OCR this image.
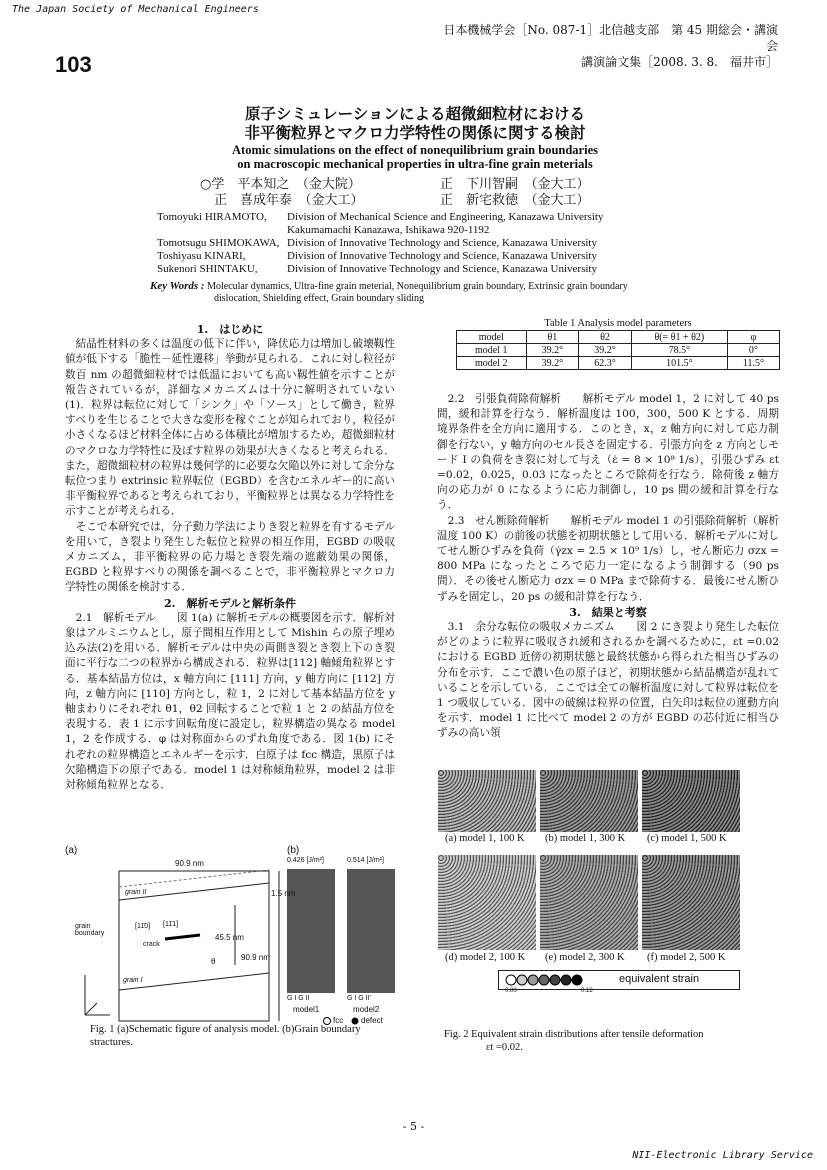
The Japan Society of Mechanical Engineers
日本機械学会［No. 087-1］北信越支部　第 45 期総会・講演会
講演論文集［2008. 3. 8.　福井市］
103
原子シミュレーションによる超微細粒材における
非平衡粒界とマクロ力学特性の関係に関する検討
Atomic simulations on the effect of nonequilibrium grain boundaries
on macroscopic mechanical properties in ultra-fine grain meterials
○学　平本知之　（金大院）	正　下川智嗣　（金大工）
正　喜成年泰　（金大工）	正　新宅救徳　（金大工）
Tomoyuki HIRAMOTO,	Division of Mechanical Science and Engineering, Kanazawa University
Kakumamachi Kanazawa, Ishikawa 920-1192
Tomotsugu SHIMOKAWA, Division of Innovative Technology and Science, Kanazawa University
Toshiyasu KINARI,	Division of Innovative Technology and Science, Kanazawa University
Sukenori SHINTAKU,	Division of Innovative Technology and Science, Kanazawa University
Key Words : Molecular dynamics, Ultra-fine grain meterial, Nonequilibrium grain boundary, Extrinsic grain boundary
dislocation, Shielding effect, Grain boundary sliding
1.　はじめに
結晶性材料の多くは温度の低下に伴い，降伏応力は増加し破壊靱性値が低下する「脆性－延性遷移」挙動が見られる．これに対し粒径が数百 nm の超微細粒材では低温においても高い靱性値を示すことが報告されているが，詳細なメカニズムは十分に解明されていない(1)．粒界は転位に対して「シンク」や「ソース」として働き，粒界すべりを生じることで大きな変形を稼ぐことが知られており，粒径が小さくなるほど材料全体に占める体積比が増加するため，超微細粒材のマクロな力学特性に及ぼす粒界の効果が大きくなると考えられる．また，超微細粒材の粒界は幾何学的に必要な欠陥以外に対して余分な転位つまり extrinsic 粒界転位（EGBD）を含むエネルギー的に高い非平衡粒界であると考えられており，平衡粒界とは異なる力学特性を示すことが考えられる．
そこで本研究では，分子動力学法によりき裂と粒界を有するモデルを用いて，き裂より発生した転位と粒界の相互作用，EGBD の吸収メカニズム，非平衡粒界の応力場とき裂先端の遮蔽効果の関係，EGBD と粒界すべりの関係を調べることで，非平衡粒界とマクロ力学特性の関係を検討する．
2.　解析モデルと解析条件
2.1　解析モデル　　図 1(a) に解析モデルの概要図を示す．解析対象はアルミニウムとし，原子間相互作用として Mishin らの原子埋め込み法(2)を用いる．解析モデルは中央の両側き裂とき裂上下のき裂面に平行な二つの粒界から構成される．粒界は[112] 軸傾角粒界とする．基本結晶方位は，x 軸方向に [111] 方向，y 軸方向に [112] 方向，z 軸方向に [110] 方向とし，粒 1，2 に対して基本結晶方位を y 軸まわりにそれぞれ θ1，θ2 回転することで粒 1 と 2 の結晶方位を表現する．表 1 に示す回転角度に設定し，粒界構造の異なる model 1，2 を作成する．φ は対称面からのずれ角度である．図 1(b) にそれぞれの粒界構造とエネルギーを示す．白原子は fcc 構造，黒原子は欠陥構造下の原子である．model 1 は対称傾角粒界，model 2 は非対称傾角粒界となる．
Table 1 Analysis model parameters
model	θ1	θ2	θ(= θ1 + θ2)	φ
model 1	39.2°	39.2°	78.5°	0°
model 2	39.2°	62.3°	101.5°	11.5°
2.2　引張負荷除荷解析　　解析モデル model 1，2 に対して 40 ps 間，緩和計算を行なう．解析温度は 100，300，500 K とする．周期境界条件を全方向に適用する．このとき，x，z 軸方向に対して応力制御を行ない，y 軸方向のセル長さを固定する．引張方向を z 方向としモード I の負荷をき裂に対して与え（ε̇ = 8 × 10⁸ 1/s），引張ひずみ εt =0.02，0.025，0.03 になったところで除荷を行なう．除荷後 z 軸方向の応力が 0 になるように応力制御し，10 ps 間の緩和計算を行なう．
2.3　せん断除荷解析　　解析モデル model 1 の引張除荷解析（解析温度 100 K）の前後の状態を初期状態として用いる．解析モデルに対してせん断ひずみを負荷（γ̇zx = 2.5 × 10⁹ 1/s）し，せん断応力 σzx = 800 MPa になったところで応力一定になるよう制御する（90 ps 間）．その後せん断応力 σzx = 0 MPa まで除荷する．最後にせん断ひずみを固定し，20 ps の緩和計算を行なう．
3.　結果と考察
3.1　余分な転位の吸収メカニズム　　図 2 にき裂より発生した転位がどのように粒界に吸収され緩和されるかを調べるために，εt =0.02 における EGBD 近傍の初期状態と最終状態から得られた相当ひずみの分布を示す．ここで濃い色の原子ほど，初期状態から結晶構造が乱れていることを示している．ここでは全ての解析温度に対して粒界は転位を 1 つ吸収している．図中の破線は粒界の位置，白矢印は転位の運動方向を示す．model 1 に比べて model 2 の方が EGBD の芯付近に相当ひずみの高い領
(a)	(b)
90.9 nm
1.5 nm
45.5 nm
90.9 nm
grain II
grain I
grain boundary
crack
[11̄0] [11̄1]
θ
0.426 [J/m²]	0.514 [J/m²]
G I G II	G I G II'
model1	model2
fcc defect
Fig. 1 (a)Schematic figure of analysis model. (b)Grain boundary stractures.
(a) model 1, 100 K (b) model 1, 300 K (c) model 1, 500 K
(d) model 2, 100 K (e) model 2, 300 K (f) model 2, 500 K
equivalent strain
0.00	0.12
Fig. 2 Equivalent strain distributions after tensile deformation
εt =0.02.
- 5 -
NII-Electronic Library Service
